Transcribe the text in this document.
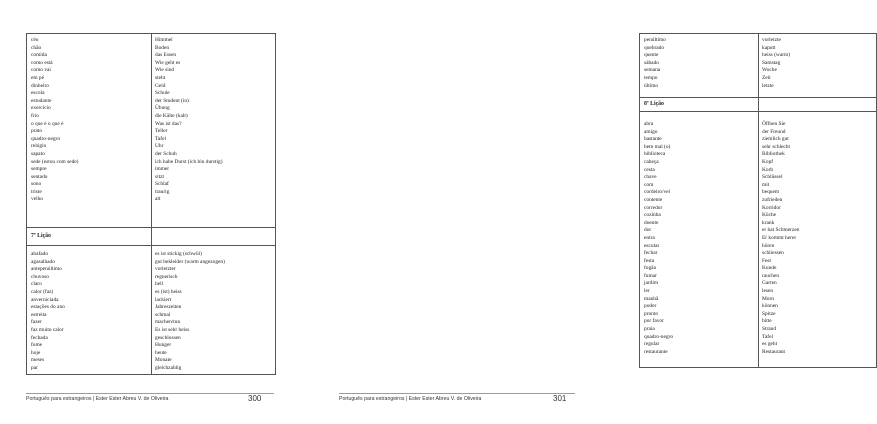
céu
chão
comida
como está
como vai
em pé
dinheiro
escola
estudante
exercício
frio
o que é o que é
prato
quadro-negro
relógio
sapato
sede (estou com sede)
sempre
sentado
sono
triste
velho
Himmel
Boden
das Essen
Wie geht es
Wie sind
steht
Geld
Schule
der Student (in)
Übung
die Kälte (kalt)
Was ist das?
Teller
Tafel
Uhr
der Schuh
ich habe Durst (ich bin durstig)
immer
sitzt
Schlaf
traurig
alt
7ª Lição
abafado
agasalhado
antepenúltimo
chuvoso
claro
calor (faz)
anverniciada
estações do ano
estreita
fazer
faz muito calor
fechada
fome
hoje
meses
par
es ist stickig (schwül)
gut bekleider (warm angezogen)
vorletzter
regnerisch
hell
es (ist) heiss
lackiert
Jahreszeiten
schmal
machen/tun
Es ist sehr heiss
geschlossen
Hunger
heute
Monate
gleichzahlig
Português para estrangeiros | Ester Ester Abreu V. de Oliveira	300
penúltimo
quebrado
quente
sábado
semana
tempo
último
vorletzte
kaputt
heiss (warm)
Samstag
Woche
Zeit
letzte
8ª Lição
abra
amigo
bastante
bem mal (o)
biblioteca
cabeça
cesta
chave
com
cordeiro/vel
contente
corredor
cozinha
doente
dor
entra
escutar
fechar
festa
fogão
fumar
jardim
ler
manhã
poder
pronto
por favor
praia
quadro-negro
regular
restaurante
Öffnen Sie
der Freund
ziemlich gut
sehr schlecht
Bibliothek
Kopf
Korb
Schlüssel
mit
bequem
zufrieden
Korridor
Küche
krank
er hat Schmerzen
Er kommt herer
hören
schliessen
Fest
Kunde
rauchen
Garten
lesen
Morn
können
Spitze
bitte
Strand
Tafel
es geht
Restaurant
Português para estrangeiros | Ester Ester Abreu V. de Oliveira	301
